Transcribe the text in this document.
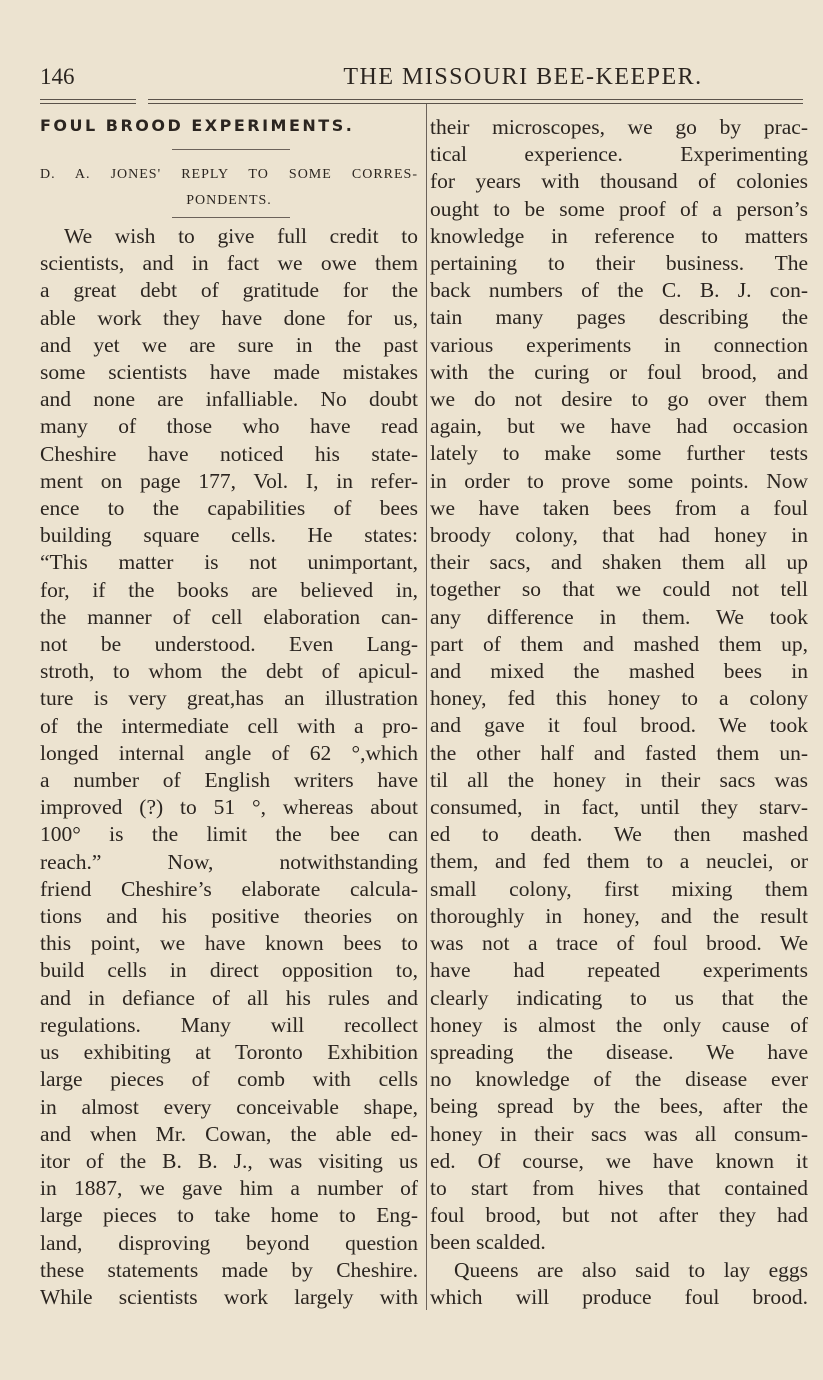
146	THE MISSOURI BEE-KEEPER.
FOUL BROOD EXPERIMENTS.
D. A. JONES' REPLY TO SOME CORRES-
PONDENTS.
We wish to give full credit to
scientists, and in fact we owe them
a great debt of gratitude for the
able work they have done for us,
and yet we are sure in the past
some scientists have made mistakes
and none are infalliable. No doubt
many of those who have read
Cheshire have noticed his state-
ment on page 177, Vol. I, in refer-
ence to the capabilities of bees
building square cells. He states:
“This matter is not unimportant,
for, if the books are believed in,
the manner of cell elaboration can-
not be understood. Even Lang-
stroth, to whom the debt of apicul-
ture is very great,has an illustration
of the intermediate cell with a pro-
longed internal angle of 62 °,which
a number of English writers have
improved (?) to 51 °, whereas about
100° is the limit the bee can
reach.” Now, notwithstanding
friend Cheshire’s elaborate calcula-
tions and his positive theories on
this point, we have known bees to
build cells in direct opposition to,
and in defiance of all his rules and
regulations. Many will recollect
us exhibiting at Toronto Exhibition
large pieces of comb with cells
in almost every conceivable shape,
and when Mr. Cowan, the able ed-
itor of the B. B. J., was visiting us
in 1887, we gave him a number of
large pieces to take home to Eng-
land, disproving beyond question
these statements made by Cheshire.
While scientists work largely with
their microscopes, we go by prac-
tical experience. Experimenting
for years with thousand of colonies
ought to be some proof of a person’s
knowledge in reference to matters
pertaining to their business. The
back numbers of the C. B. J. con-
tain many pages describing the
various experiments in connection
with the curing or foul brood, and
we do not desire to go over them
again, but we have had occasion
lately to make some further tests
in order to prove some points. Now
we have taken bees from a foul
broody colony, that had honey in
their sacs, and shaken them all up
together so that we could not tell
any difference in them. We took
part of them and mashed them up,
and mixed the mashed bees in
honey, fed this honey to a colony
and gave it foul brood. We took
the other half and fasted them un-
til all the honey in their sacs was
consumed, in fact, until they starv-
ed to death. We then mashed
them, and fed them to a neuclei, or
small colony, first mixing them
thoroughly in honey, and the result
was not a trace of foul brood. We
have had repeated experiments
clearly indicating to us that the
honey is almost the only cause of
spreading the disease. We have
no knowledge of the disease ever
being spread by the bees, after the
honey in their sacs was all consum-
ed. Of course, we have known it
to start from hives that contained
foul brood, but not after they had
been scalded.
Queens are also said to lay eggs
which will produce foul brood.
